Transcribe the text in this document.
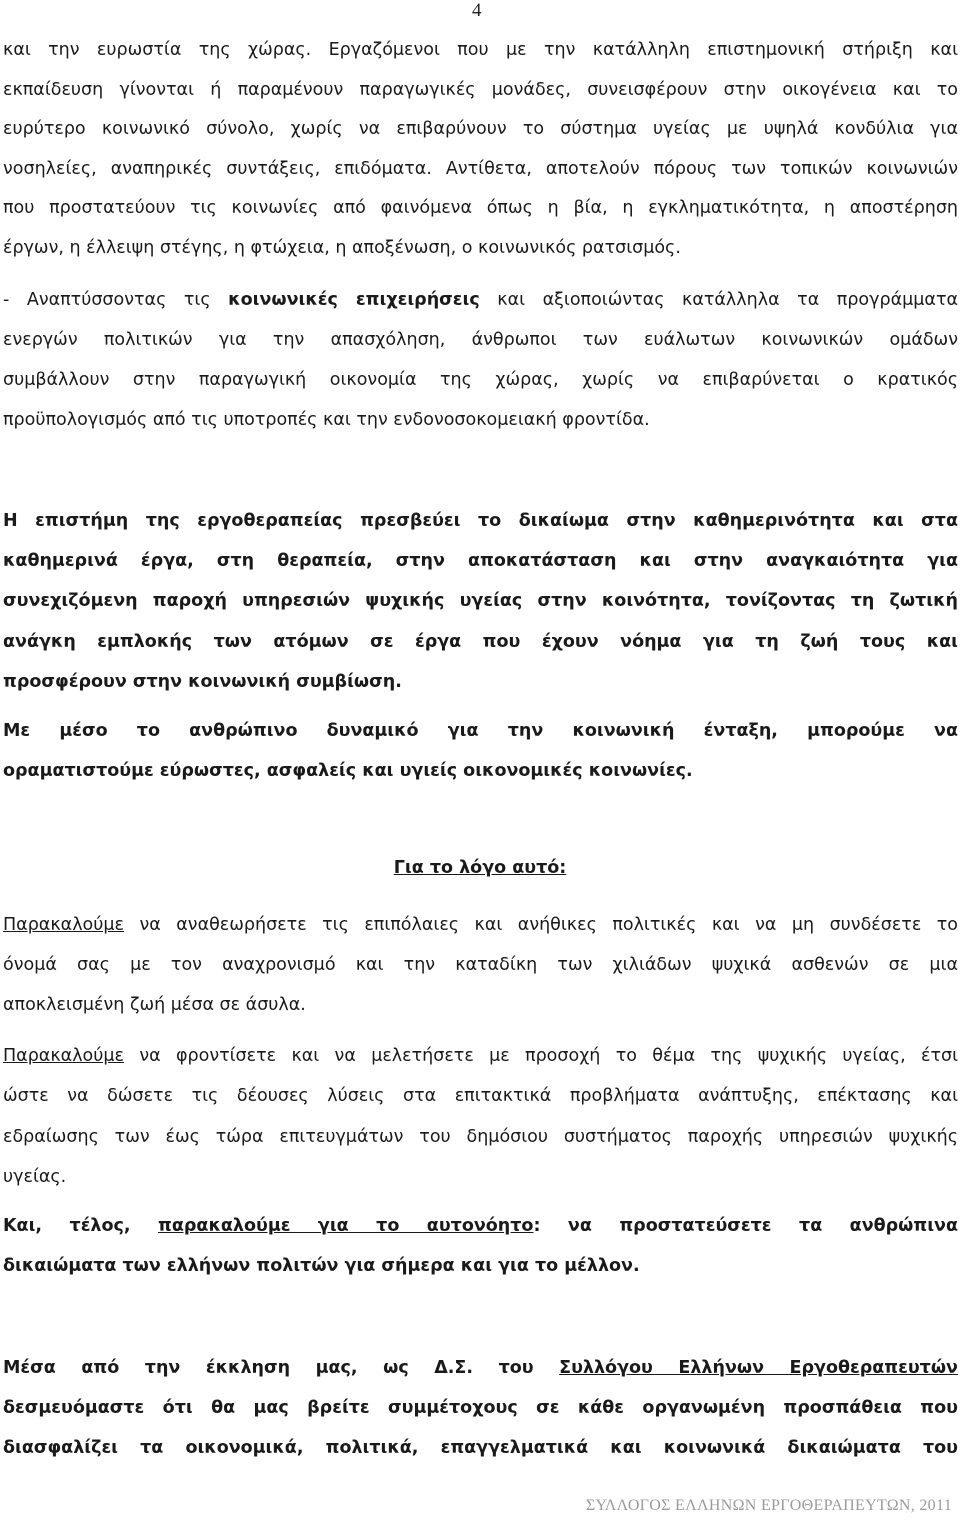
4
και την ευρωστία της χώρας. Εργαζόμενοι που με την κατάλληλη επιστημονική στήριξη και
εκπαίδευση γίνονται ή παραμένουν παραγωγικές μονάδες, συνεισφέρουν στην οικογένεια και το
ευρύτερο κοινωνικό σύνολο, χωρίς να επιβαρύνουν το σύστημα υγείας με υψηλά κονδύλια για
νοσηλείες, αναπηρικές συντάξεις, επιδόματα. Αντίθετα, αποτελούν πόρους των τοπικών κοινωνιών
που προστατεύουν τις κοινωνίες από φαινόμενα όπως η βία, η εγκληματικότητα, η αποστέρηση
έργων, η έλλειψη στέγης, η φτώχεια, η αποξένωση, ο κοινωνικός ρατσισμός.
- Αναπτύσσοντας τις κοινωνικές επιχειρήσεις και αξιοποιώντας κατάλληλα τα προγράμματα
ενεργών πολιτικών για την απασχόληση, άνθρωποι των ευάλωτων κοινωνικών ομάδων
συμβάλλουν στην παραγωγική οικονομία της χώρας, χωρίς να επιβαρύνεται ο κρατικός
προϋπολογισμός από τις υποτροπές και την ενδονοσοκομειακή φροντίδα.
Η επιστήμη της εργοθεραπείας πρεσβεύει το δικαίωμα στην καθημερινότητα και στα
καθημερινά έργα, στη θεραπεία, στην αποκατάσταση και στην αναγκαιότητα για
συνεχιζόμενη παροχή υπηρεσιών ψυχικής υγείας στην κοινότητα, τονίζοντας τη ζωτική
ανάγκη εμπλοκής των ατόμων σε έργα που έχουν νόημα για τη ζωή τους και
προσφέρουν στην κοινωνική συμβίωση.
Με μέσο το ανθρώπινο δυναμικό για την κοινωνική ένταξη, μπορούμε να
οραματιστούμε εύρωστες, ασφαλείς και υγιείς οικονομικές κοινωνίες.
Για το λόγο αυτό:
Παρακαλούμε να αναθεωρήσετε τις επιπόλαιες και ανήθικες πολιτικές και να μη συνδέσετε το
όνομά σας με τον αναχρονισμό και την καταδίκη των χιλιάδων ψυχικά ασθενών σε μια
αποκλεισμένη ζωή μέσα σε άσυλα.
Παρακαλούμε να φροντίσετε και να μελετήσετε με προσοχή το θέμα της ψυχικής υγείας, έτσι
ώστε να δώσετε τις δέουσες λύσεις στα επιτακτικά προβλήματα ανάπτυξης, επέκτασης και
εδραίωσης των έως τώρα επιτευγμάτων του δημόσιου συστήματος παροχής υπηρεσιών ψυχικής
υγείας.
Και, τέλος, παρακαλούμε για το αυτονόητο: να προστατεύσετε τα ανθρώπινα
δικαιώματα των ελλήνων πολιτών για σήμερα και για το μέλλον.
Μέσα από την έκκληση μας, ως Δ.Σ. του Συλλόγου Ελλήνων Εργοθεραπευτών
δεσμευόμαστε ότι θα μας βρείτε συμμέτοχους σε κάθε οργανωμένη προσπάθεια που
διασφαλίζει τα οικονομικά, πολιτικά, επαγγελματικά και κοινωνικά δικαιώματα του
ΣΥΛΛΟΓΟΣ ΕΛΛΗΝΩΝ ΕΡΓΟΘΕΡΑΠΕΥΤΩΝ, 2011
